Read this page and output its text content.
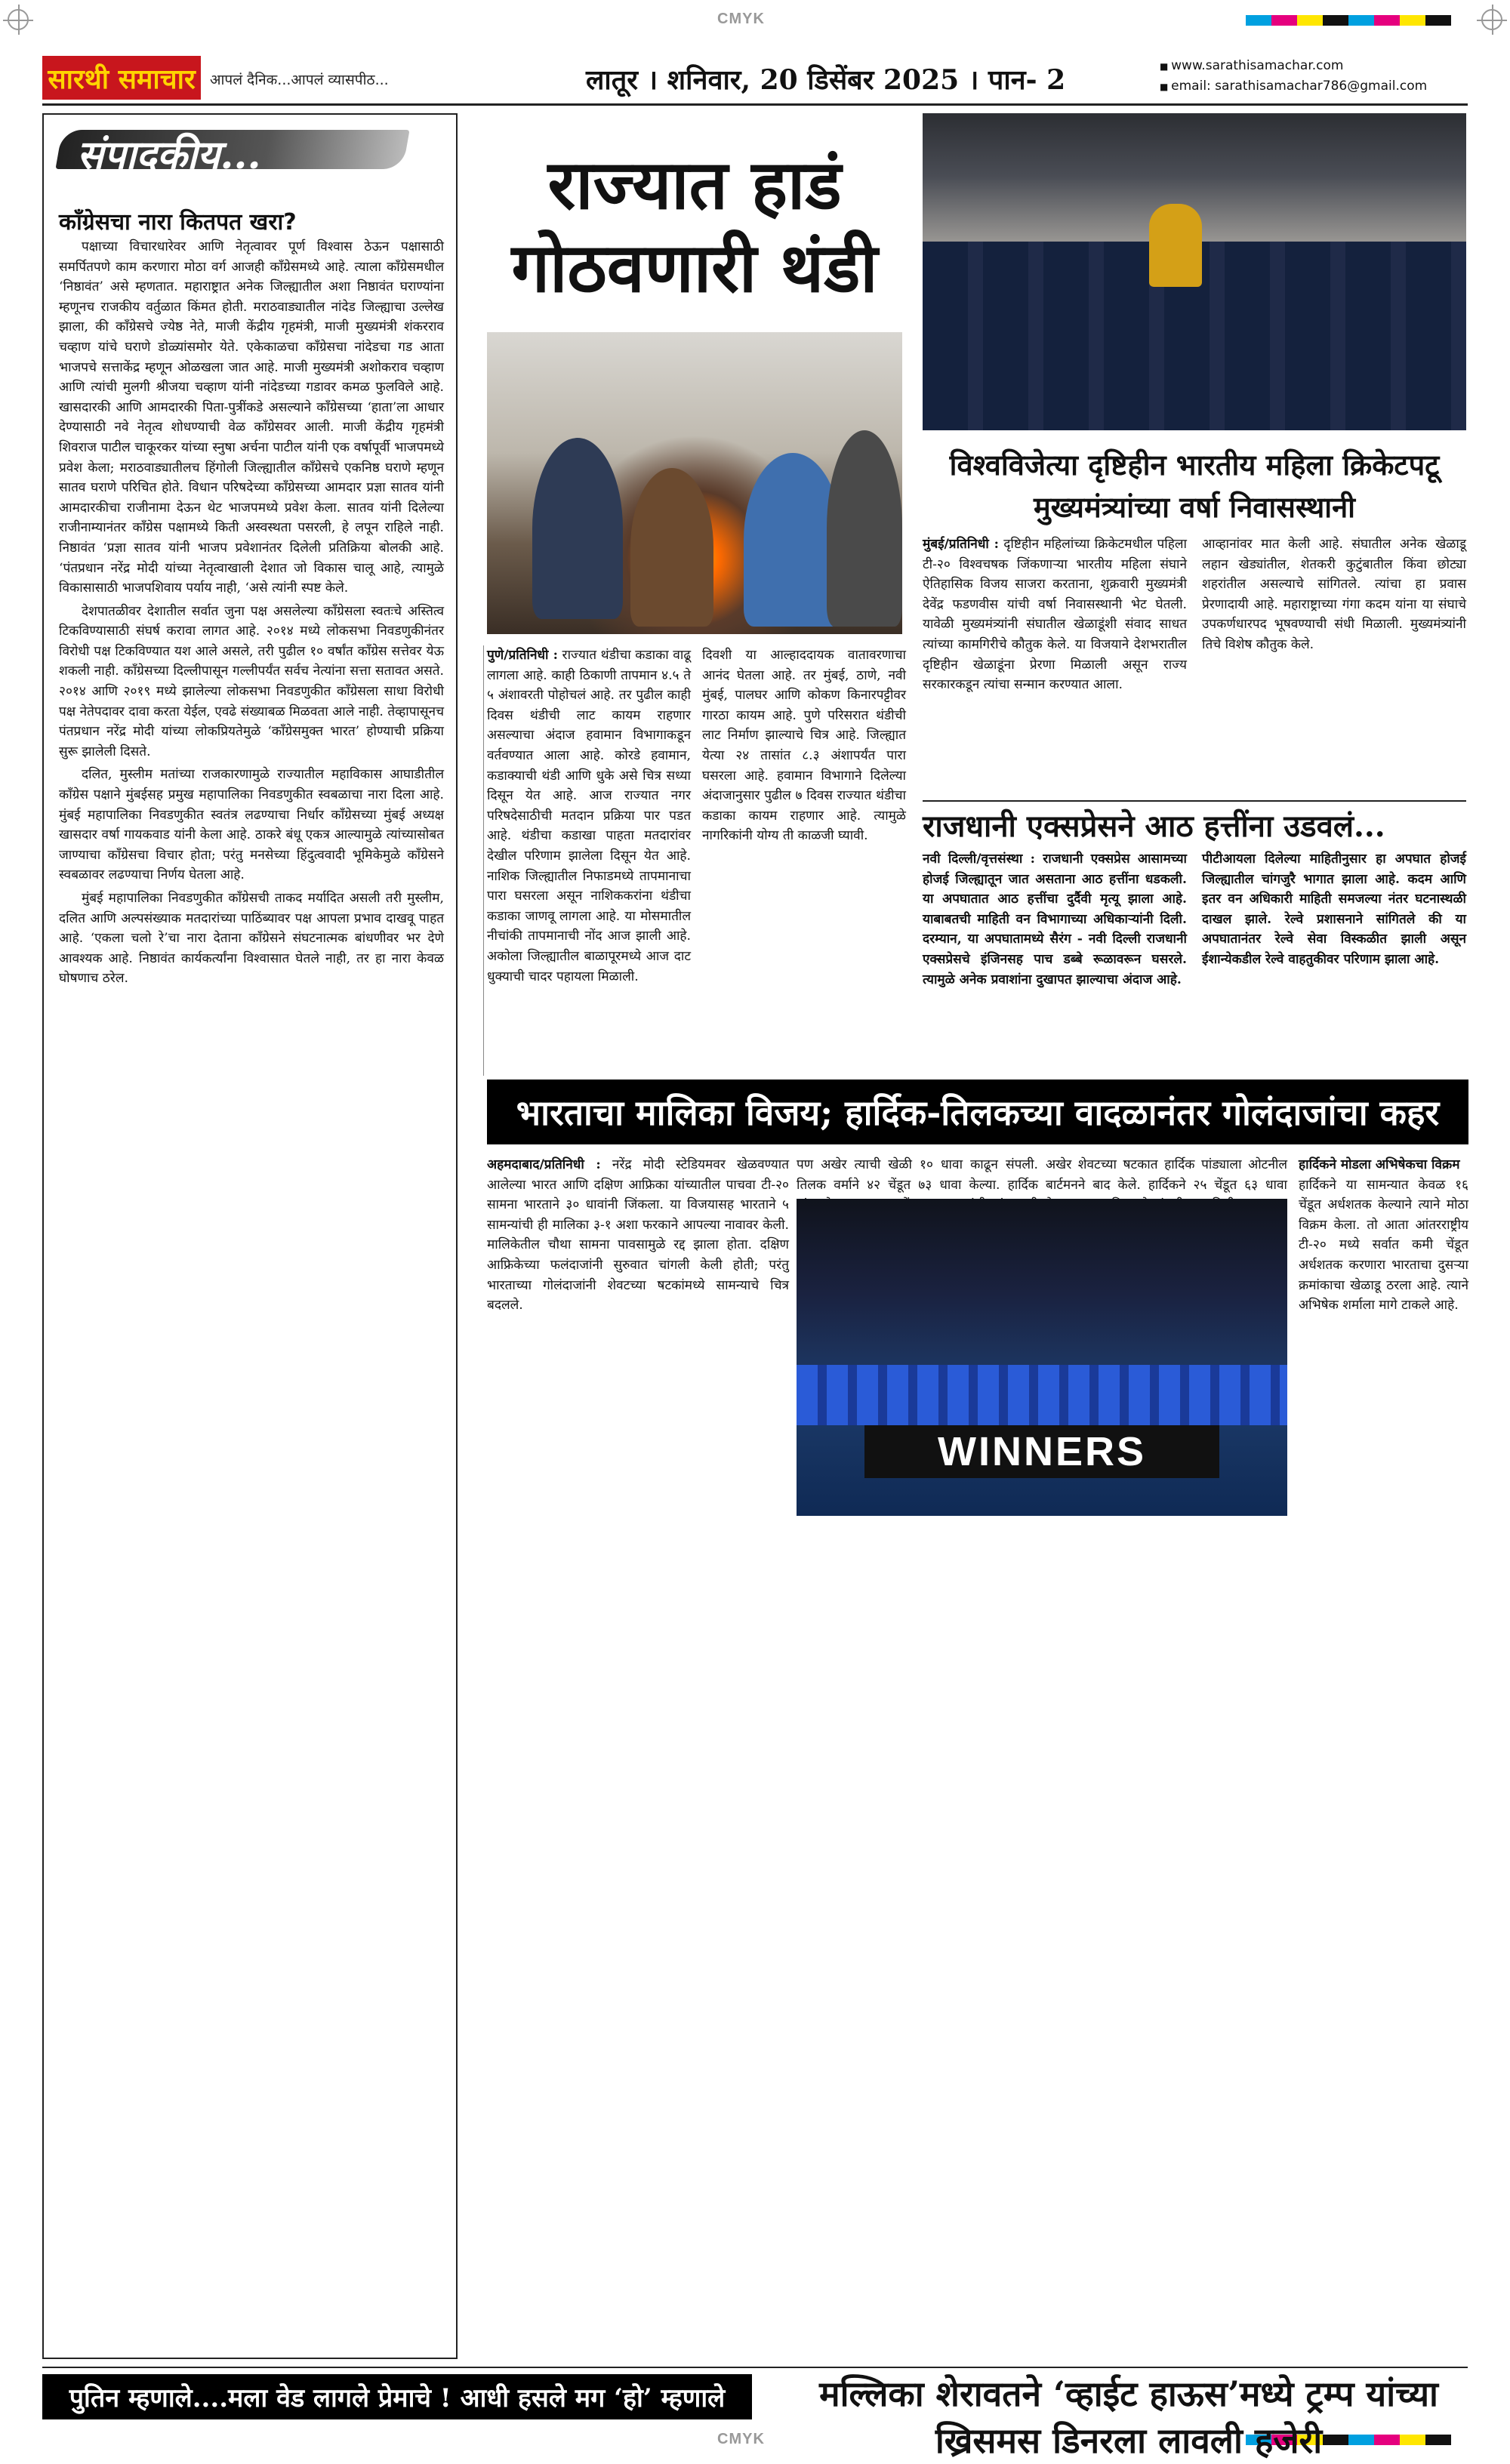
CMYK
CMYK
सारथी समाचार	आपलं दैनिक...आपलं व्यासपीठ...	लातूर । शनिवार, 20 डिसेंबर 2025 । पान- 2
■	www.sarathisamachar.com
■ email: sarathisamachar786@gmail.com
संपादकीय...
काँग्रेसचा नारा कितपत खरा?

पक्षाच्या विचारधारेवर आणि नेतृत्वावर पूर्ण विश्वास ठेऊन पक्षासाठी समर्पितपणे काम करणारा मोठा वर्ग आजही काँग्रेसमध्ये आहे. त्याला काँग्रेसमधील ‘निष्ठावंत’ असे म्हणतात. महाराष्ट्रात अनेक जिल्ह्यातील अशा निष्ठावंत घराण्यांना म्हणूनच राजकीय वर्तुळात किंमत होती. मराठवाड्यातील नांदेड जिल्ह्याचा उल्लेख झाला, की काँग्रेसचे ज्येष्ठ नेते, माजी केंद्रीय गृहमंत्री, माजी मुख्यमंत्री शंकरराव चव्हाण यांचे घराणे डोळ्यांसमोर येते. एकेकाळचा काँग्रेसचा नांदेडचा गड आता भाजपचे सत्ताकेंद्र म्हणून ओळखला जात आहे. माजी मुख्यमंत्री अशोकराव चव्हाण आणि त्यांची मुलगी श्रीजया चव्हाण यांनी नांदेडच्या गडावर कमळ फुलविले आहे. खासदारकी आणि आमदारकी पिता-पुत्रींकडे असल्याने काँग्रेसच्या ‘हाता’ला आधार देण्यासाठी नवे नेतृत्व शोधण्याची वेळ काँग्रेसवर आली. माजी केंद्रीय गृहमंत्री शिवराज पाटील चाकूरकर यांच्या स्नुषा अर्चना पाटील यांनी एक वर्षापूर्वी भाजपमध्ये प्रवेश केला; मराठवाड्यातीलच हिंगोली जिल्ह्यातील काँग्रेसचे एकनिष्ठ घराणे म्हणून सातव घराणे परिचित होते. विधान परिषदेच्या काँग्रेसच्या आमदार प्रज्ञा सातव यांनी आमदारकीचा राजीनामा देऊन थेट भाजपमध्ये प्रवेश केला. सातव यांनी दिलेल्या राजीनाम्यानंतर काँग्रेस पक्षामध्ये किती अस्वस्थता पसरली, हे लपून राहिले नाही. निष्ठावंत ‘प्रज्ञा सातव यांनी भाजप प्रवेशानंतर दिलेली प्रतिक्रिया बोलकी आहे. ‘पंतप्रधान नरेंद्र मोदी यांच्या नेतृत्वाखाली देशात जो विकास चालू आहे, त्यामुळे विकासासाठी भाजपशिवाय पर्याय नाही, ‘असे त्यांनी स्पष्ट केले.

देशपातळीवर देशातील सर्वात जुना पक्ष असलेल्या काँग्रेसला स्वतःचे अस्तित्व टिकविण्यासाठी संघर्ष करावा लागत आहे. २०१४ मध्ये लोकसभा निवडणुकीनंतर विरोधी पक्ष टिकविण्यात यश आले असले, तरी पुढील १० वर्षांत काँग्रेस सत्तेवर येऊ शकली नाही. काँग्रेसच्या दिल्लीपासून गल्लीपर्यंत सर्वच नेत्यांना सत्ता सतावत असते. २०१४ आणि २०१९ मध्ये झालेल्या लोकसभा निवडणुकीत काँग्रेसला साधा विरोधी पक्ष नेतेपदावर दावा करता येईल, एवढे संख्याबळ मिळवता आले नाही. तेव्हापासूनच पंतप्रधान नरेंद्र मोदी यांच्या लोकप्रियतेमुळे ‘काँग्रेसमुक्त भारत’ होण्याची प्रक्रिया सुरू झालेली दिसते.

दलित, मुस्लीम मतांच्या राजकारणामुळे राज्यातील महाविकास आघाडीतील काँग्रेस पक्षाने मुंबईसह प्रमुख महापालिका निवडणुकीत स्वबळाचा नारा दिला आहे. मुंबई महापालिका निवडणुकीत स्वतंत्र लढण्याचा निर्धार काँग्रेसच्या मुंबई अध्यक्ष खासदार वर्षा गायकवाड यांनी केला आहे. ठाकरे बंधू एकत्र आल्यामुळे त्यांच्यासोबत जाण्याचा काँग्रेसचा विचार होता; परंतु मनसेच्या हिंदुत्ववादी भूमिकेमुळे काँग्रेसने स्वबळावर लढण्याचा निर्णय घेतला आहे.

मुंबई महापालिका निवडणुकीत काँग्रेसची ताकद मर्यादित असली तरी मुस्लीम, दलित आणि अल्पसंख्याक मतदारांच्या पाठिंब्यावर पक्ष आपला प्रभाव दाखवू पाहत आहे. ‘एकला चलो रे’चा नारा देताना काँग्रेसने संघटनात्मक बांधणीवर भर देणे आवश्यक आहे. निष्ठावंत कार्यकर्त्यांना विश्वासात घेतले नाही, तर हा नारा केवळ घोषणाच ठरेल.

राज्यात हाडं गोठवणारी थंडी
पुणे/प्रतिनिधी : राज्यात थंडीचा कडाका वाढू लागला आहे. काही ठिकाणी तापमान ४.५ ते ५ अंशावरती पोहोचलं आहे. तर पुढील काही दिवस थंडीची लाट कायम राहणार असल्याचा अंदाज हवामान विभागाकडून वर्तवण्यात आला आहे. कोरडे हवामान, कडाक्याची थंडी आणि धुके असे चित्र सध्या दिसून येत आहे. आज राज्यात नगर परिषदेसाठीची मतदान प्रक्रिया पार पडत आहे. थंडीचा कडाखा पाहता मतदारांवर देखील परिणाम झालेला दिसून येत आहे. नाशिक जिल्ह्यातील निफाडमध्ये तापमानाचा पारा घसरला असून नाशिककरांना थंडीचा कडाका जाणवू लागला आहे. या मोसमातील नीचांकी तापमानाची नोंद आज झाली आहे. अकोला जिल्ह्यातील बाळापूरमध्ये आज दाट धुक्याची चादर पहायला मिळाली.
दिवशी या आल्हाददायक वातावरणाचा आनंद घेतला आहे. तर मुंबई, ठाणे, नवी मुंबई, पालघर आणि कोकण किनारपट्टीवर गारठा कायम आहे. पुणे परिसरात थंडीची लाट निर्माण झाल्याचे चित्र आहे. जिल्ह्यात येत्या २४ तासांत ८.३ अंशापर्यंत पारा घसरला आहे. हवामान विभागाने दिलेल्या अंदाजानुसार पुढील ७ दिवस राज्यात थंडीचा कडाका कायम राहणार आहे. त्यामुळे नागरिकांनी योग्य ती काळजी घ्यावी.
विश्वविजेत्या दृष्टिहीन भारतीय महिला क्रिकेटपटू मुख्यमंत्र्यांच्या वर्षा निवासस्थानी
मुंबई/प्रतिनिधी : दृष्टिहीन महिलांच्या क्रिकेटमधील पहिला टी-२० विश्वचषक जिंकणाऱ्या भारतीय महिला संघाने ऐतिहासिक विजय साजरा करताना, शुक्रवारी मुख्यमंत्री देवेंद्र फडणवीस यांची वर्षा निवासस्थानी भेट घेतली. यावेळी मुख्यमंत्र्यांनी संघातील खेळाडूंशी संवाद साधत त्यांच्या कामगिरीचे कौतुक केले. या विजयाने देशभरातील दृष्टिहीन खेळाडूंना प्रेरणा मिळाली असून राज्य सरकारकडून त्यांचा सन्मान करण्यात आला.
आव्हानांवर मात केली आहे. संघातील अनेक खेळाडू लहान खेड्यांतील, शेतकरी कुटुंबातील किंवा छोट्या शहरांतील असल्याचे सांगितले. त्यांचा हा प्रवास प्रेरणादायी आहे. महाराष्ट्राच्या गंगा कदम यांना या संघाचे उपकर्णधारपद भूषवण्याची संधी मिळाली. मुख्यमंत्र्यांनी तिचे विशेष कौतुक केले.
राजधानी एक्सप्रेसने आठ हत्तींना उडवलं...
नवी दिल्ली/वृत्तसंस्था : राजधानी एक्सप्रेस आसामच्या होजई जिल्ह्यातून जात असताना आठ हत्तींना धडकली. या अपघातात आठ हत्तींचा दुर्दैवी मृत्यू झाला आहे. याबाबतची माहिती वन विभागाच्या अधिकाऱ्यांनी दिली. दरम्यान, या अपघातामध्ये सैरंग - नवी दिल्ली राजधानी एक्सप्रेसचे इंजिनसह पाच डब्बे रूळावरून घसरले. त्यामुळे अनेक प्रवाशांना दुखापत झाल्याचा अंदाज आहे.
पीटीआयला दिलेल्या माहितीनुसार हा अपघात होजई जिल्ह्यातील चांगजुरै भागात झाला आहे. कदम आणि इतर वन अधिकारी माहिती समजल्या नंतर घटनास्थळी दाखल झाले. रेल्वे प्रशासनाने सांगितले की या अपघातानंतर रेल्वे सेवा विस्कळीत झाली असून ईशान्येकडील रेल्वे वाहतुकीवर परिणाम झाला आहे.
भारताचा मालिका विजय; हार्दिक-तिलकच्या वादळानंतर गोलंदाजांचा कहर
अहमदाबाद/प्रतिनिधी : नरेंद्र मोदी स्टेडियमवर खेळवण्यात आलेल्या भारत आणि दक्षिण आफ्रिका यांच्यातील पाचवा टी-२० सामना भारताने ३० धावांनी जिंकला. या विजयासह भारताने ५ सामन्यांची ही मालिका ३-१ अशा फरकाने आपल्या नावावर केली. मालिकेतील चौथा सामना पावसामुळे रद्द झाला होता. दक्षिण आफ्रिकेच्या फलंदाजांनी सुरुवात चांगली केली होती; परंतु भारताच्या गोलंदाजांनी शेवटच्या षटकांमध्ये सामन्याचे चित्र बदलले.
पण अखेर त्याची खेळी १० धावा काढून संपली. तिलक वर्माने ४२ चेंडूत ७३ धावा केल्या. हार्दिक
अखेर शेवटच्या षटकात हार्दिक पांड्याला ओटनील बार्टमनने बाद केले. हार्दिकने २५ चेंडूत ६३ धावा
WINNERS
हार्दिकने मोडला अभिषेकचा विक्रम
हार्दिकने या सामन्यात केवळ १६ चेंडूत अर्धशतक केल्याने त्याने मोठा विक्रम केला. तो आता आंतरराष्ट्रीय टी-२० मध्ये सर्वात कमी चेंडूत अर्धशतक करणारा भारताचा दुसऱ्या क्रमांकाचा खेळाडू ठरला आहे. त्याने अभिषेक शर्माला मागे टाकले आहे.
पुतिन म्हणाले....मला वेड लागले प्रेमाचे ! आधी हसले मग ‘हो’ म्हणाले	मल्लिका शेरावतने ‘व्हाईट हाऊस’मध्ये ट्रम्प यांच्या ख्रिसमस डिनरला लावली हजेरी
